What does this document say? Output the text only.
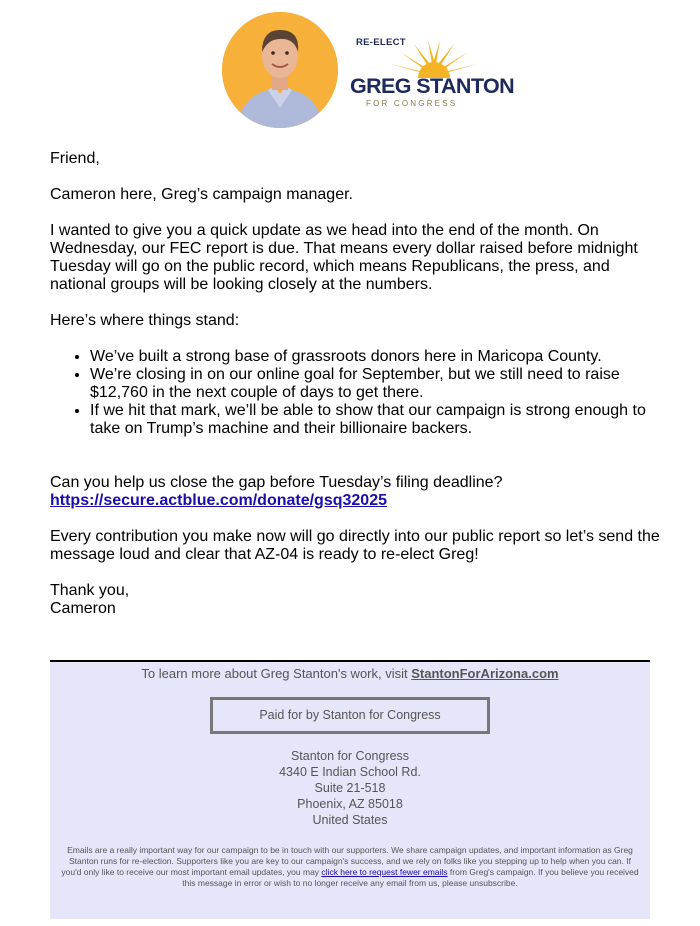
RE-ELECT
GREG STANTON
FOR CONGRESS

Friend,

Cameron here, Greg’s campaign manager.

I wanted to give you a quick update as we head into the end of the month. On Wednesday, our FEC report is due. That means every dollar raised before midnight Tuesday will go on the public record, which means Republicans, the press, and national groups will be looking closely at the numbers.

Here’s where things stand:

• We’ve built a strong base of grassroots donors here in Maricopa County.
• We’re closing in on our online goal for September, but we still need to raise $12,760 in the next couple of days to get there.
• If we hit that mark, we’ll be able to show that our campaign is strong enough to take on Trump’s machine and their billionaire backers.

Can you help us close the gap before Tuesday’s filing deadline?
https://secure.actblue.com/donate/gsq32025

Every contribution you make now will go directly into our public report so let’s send the message loud and clear that AZ-04 is ready to re-elect Greg!

Thank you,
Cameron

To learn more about Greg Stanton's work, visit StantonForArizona.com
Paid for by Stanton for Congress
Stanton for Congress
4340 E Indian School Rd.
Suite 21-518
Phoenix, AZ 85018
United States
Emails are a really important way for our campaign to be in touch with our supporters. We share campaign updates, and important information as Greg Stanton runs for re-election. Supporters like you are key to our campaign's success, and we rely on folks like you stepping up to help when you can. If you'd only like to receive our most important email updates, you may click here to request fewer emails from Greg's campaign. If you believe you received this message in error or wish to no longer receive any email from us, please unsubscribe.
